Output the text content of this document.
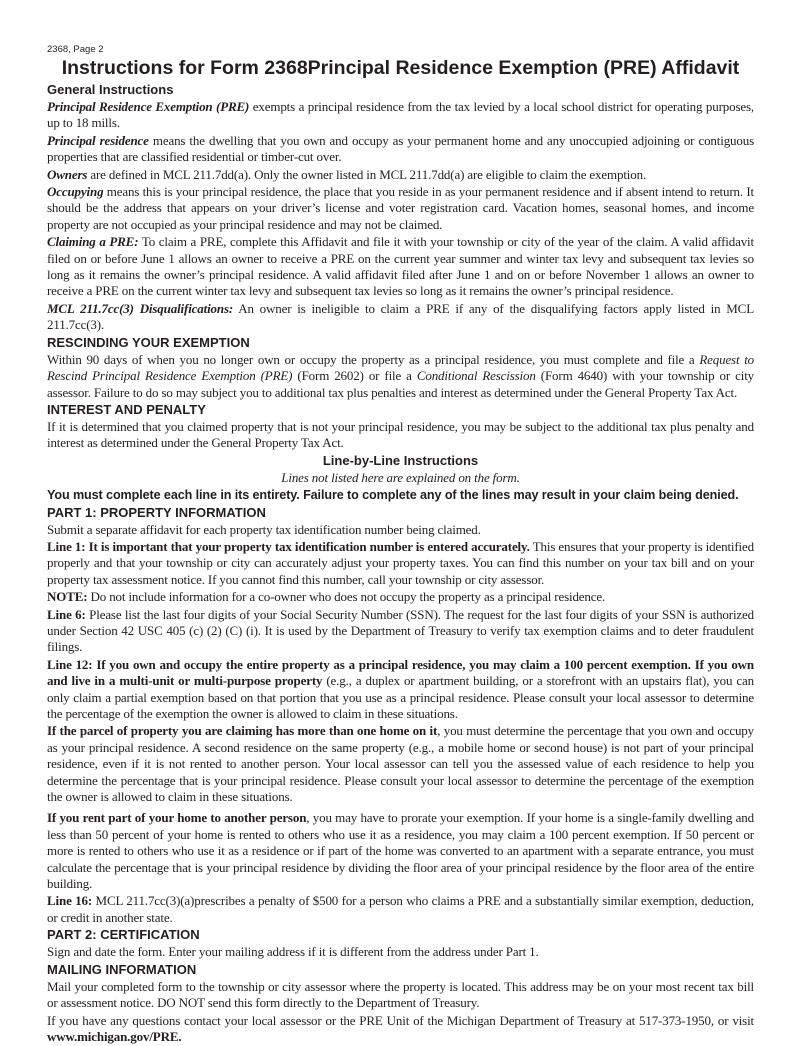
2368, Page 2
Instructions for Form 2368Principal Residence Exemption (PRE) Affidavit
General Instructions

Principal Residence Exemption (PRE) exempts a principal residence from the tax levied by a local school district for operating purposes, up to 18 mills.

Principal residence means the dwelling that you own and occupy as your permanent home and any unoccupied adjoining or contiguous properties that are classified residential or timber-cut over.

Owners are defined in MCL 211.7dd(a). Only the owner listed in MCL 211.7dd(a) are eligible to claim the exemption.

Occupying means this is your principal residence, the place that you reside in as your permanent residence and if absent intend to return. It should be the address that appears on your driver’s license and voter registration card. Vacation homes, seasonal homes, and income property are not occupied as your principal residence and may not be claimed.

Claiming a PRE: To claim a PRE, complete this Affidavit and file it with your township or city of the year of the claim. A valid affidavit filed on or before June 1 allows an owner to receive a PRE on the current year summer and winter tax levy and subsequent tax levies so long as it remains the owner’s principal residence. A valid affidavit filed after June 1 and on or before November 1 allows an owner to receive a PRE on the current winter tax levy and subsequent tax levies so long as it remains the owner’s principal residence.

MCL 211.7cc(3) Disqualifications: An owner is ineligible to claim a PRE if any of the disqualifying factors apply listed in MCL 211.7cc(3).

RESCINDING YOUR EXEMPTION

Within 90 days of when you no longer own or occupy the property as a principal residence, you must complete and file a Request to Rescind Principal Residence Exemption (PRE) (Form 2602) or file a Conditional Rescission (Form 4640) with your township or city assessor. Failure to do so may subject you to additional tax plus penalties and interest as determined under the General Property Tax Act.

INTEREST AND PENALTY

If it is determined that you claimed property that is not your principal residence, you may be subject to the additional tax plus penalty and interest as determined under the General Property Tax Act.

Line-by-Line Instructions

Lines not listed here are explained on the form.

You must complete each line in its entirety. Failure to complete any of the lines may result in your claim being denied.

PART 1: PROPERTY INFORMATION

Submit a separate affidavit for each property tax identification number being claimed.

Line 1: It is important that your property tax identification number is entered accurately. This ensures that your property is identified properly and that your township or city can accurately adjust your property taxes. You can find this number on your tax bill and on your property tax assessment notice. If you cannot find this number, call your township or city assessor.

NOTE: Do not include information for a co-owner who does not occupy the property as a principal residence.

Line 6: Please list the last four digits of your Social Security Number (SSN). The request for the last four digits of your SSN is authorized under Section 42 USC 405 (c) (2) (C) (i). It is used by the Department of Treasury to verify tax exemption claims and to deter fraudulent filings.

Line 12: If you own and occupy the entire property as a principal residence, you may claim a 100 percent exemption. If you own and live in a multi-unit or multi-purpose property (e.g., a duplex or apartment building, or a storefront with an upstairs flat), you can only claim a partial exemption based on that portion that you use as a principal residence. Please consult your local assessor to determine the percentage of the exemption the owner is allowed to claim in these situations.

If the parcel of property you are claiming has more than one home on it, you must determine the percentage that you own and occupy as your principal residence. A second residence on the same property (e.g., a mobile home or second house) is not part of your principal residence, even if it is not rented to another person. Your local assessor can tell you the assessed value of each residence to help you determine the percentage that is your principal residence. Please consult your local assessor to determine the percentage of the exemption the owner is allowed to claim in these situations.

If you rent part of your home to another person, you may have to prorate your exemption. If your home is a single-family dwelling and less than 50 percent of your home is rented to others who use it as a residence, you may claim a 100 percent exemption. If 50 percent or more is rented to others who use it as a residence or if part of the home was converted to an apartment with a separate entrance, you must calculate the percentage that is your principal residence by dividing the floor area of your principal residence by the floor area of the entire building.

Line 16: MCL 211.7cc(3)(a)prescribes a penalty of $500 for a person who claims a PRE and a substantially similar exemption, deduction, or credit in another state.

PART 2: CERTIFICATION

Sign and date the form. Enter your mailing address if it is different from the address under Part 1.

MAILING INFORMATION

Mail your completed form to the township or city assessor where the property is located. This address may be on your most recent tax bill or assessment notice. DO NOT send this form directly to the Department of Treasury.

If you have any questions contact your local assessor or the PRE Unit of the Michigan Department of Treasury at 517-373-1950, or visit www.michigan.gov/PRE.
